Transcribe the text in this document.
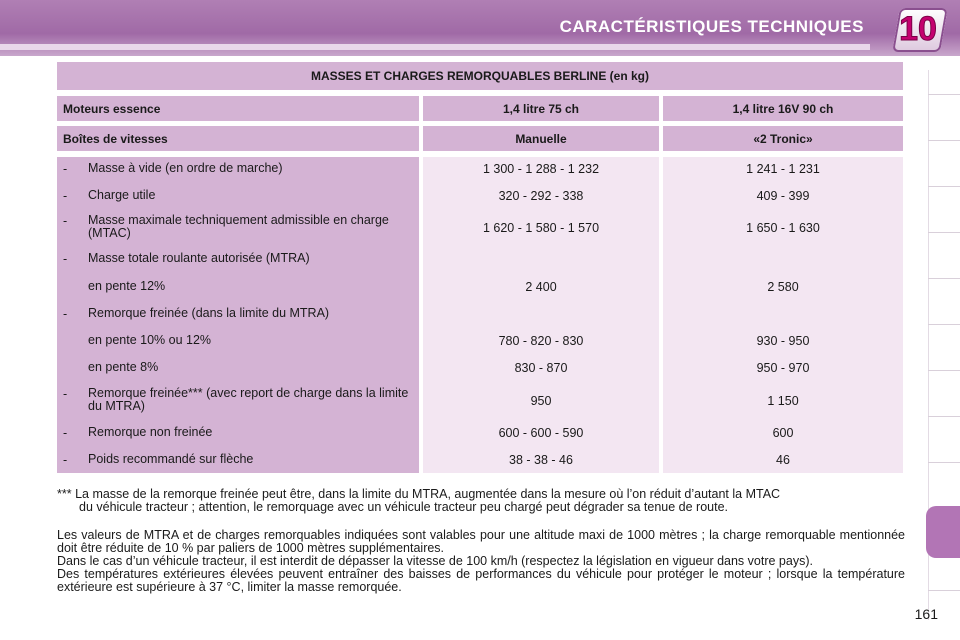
CARACTÉRISTIQUES TECHNIQUES 10
MASSES ET CHARGES REMORQUABLES BERLINE (en kg)
Moteurs essence	1,4 litre 75 ch	1,4 litre 16V 90 ch
Boîtes de vitesses	Manuelle	«2 Tronic»
- Masse à vide (en ordre de marche)	1 300 - 1 288 - 1 232	1 241 - 1 231
- Charge utile	320 - 292 - 338	409 - 399
- Masse maximale techniquement admissible en charge (MTAC)	1 620 - 1 580 - 1 570	1 650 - 1 630
- Masse totale roulante autorisée (MTRA)
en pente 12%	2 400	2 580
- Remorque freinée (dans la limite du MTRA)
en pente 10% ou 12%	780 - 820 - 830	930 - 950
en pente 8%	830 - 870	950 - 970
- Remorque freinée*** (avec report de charge dans la limite du MTRA)	950	1 150
- Remorque non freinée	600 - 600 - 590	600
- Poids recommandé sur flèche	38 - 38 - 46	46
*** La masse de la remorque freinée peut être, dans la limite du MTRA, augmentée dans la mesure où l’on réduit d’autant la MTAC
du véhicule tracteur ; attention, le remorquage avec un véhicule tracteur peu chargé peut dégrader sa tenue de route.
Les valeurs de MTRA et de charges remorquables indiquées sont valables pour une altitude maxi de 1000 mètres ; la charge remorquable mentionnée doit être réduite de 10 % par paliers de 1000 mètres supplémentaires.
Dans le cas d’un véhicule tracteur, il est interdit de dépasser la vitesse de 100 km/h (respectez la législation en vigueur dans votre pays).
Des températures extérieures élevées peuvent entraîner des baisses de performances du véhicule pour protéger le moteur ; lorsque la température extérieure est supérieure à 37 °C, limiter la masse remorquée.
161
